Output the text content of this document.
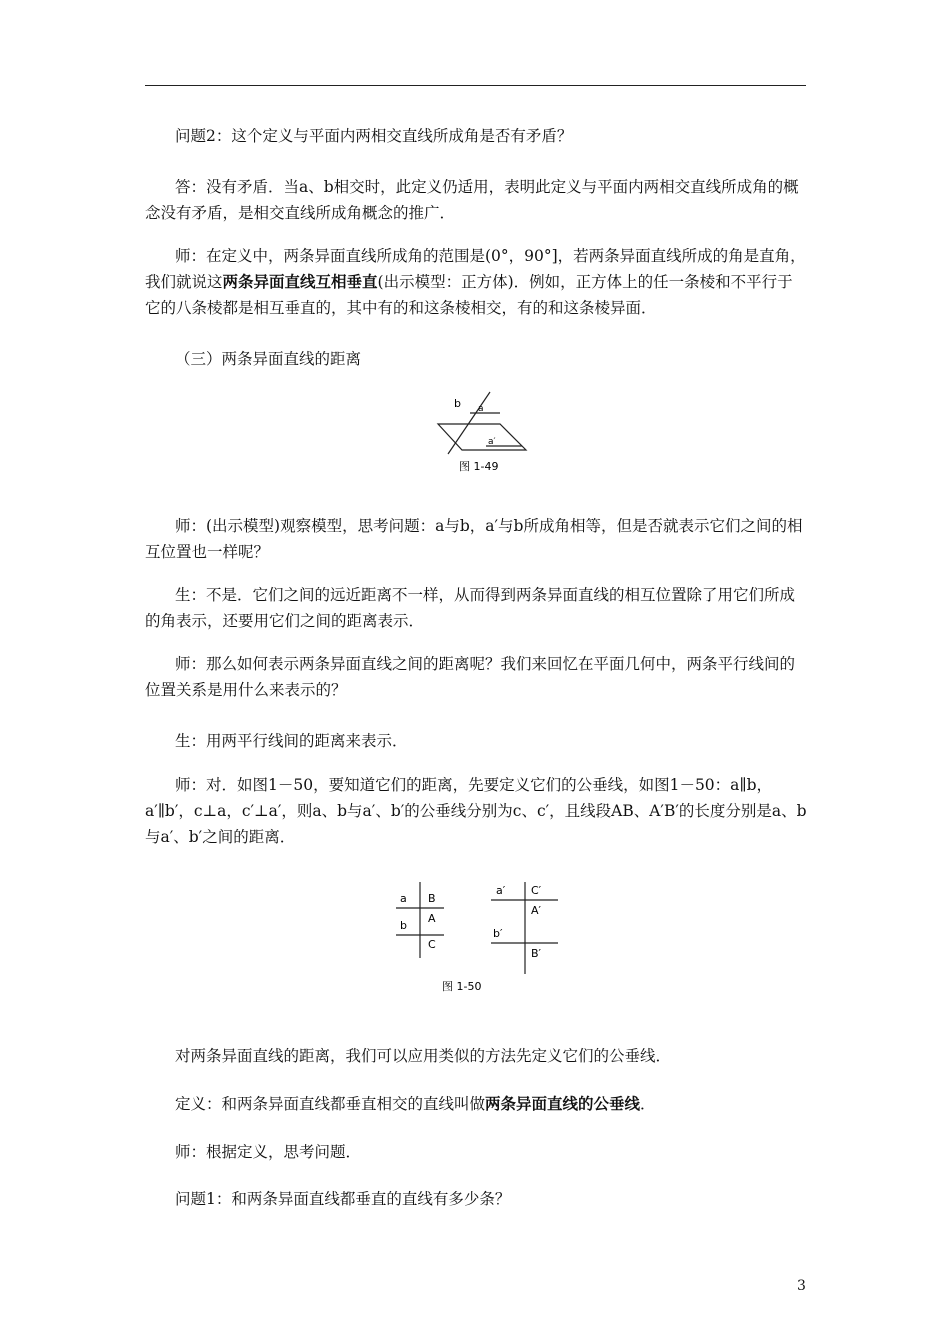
问题2：这个定义与平面内两相交直线所成角是否有矛盾？
答：没有矛盾．当a、b相交时，此定义仍适用，表明此定义与平面内两相交直线所成角的概念没有矛盾，是相交直线所成角概念的推广．
师：在定义中，两条异面直线所成角的范围是(0°，90°]，若两条异面直线所成的角是直角，我们就说这两条异面直线互相垂直(出示模型：正方体)．例如，正方体上的任一条棱和不平行于它的八条棱都是相互垂直的，其中有的和这条棱相交，有的和这条棱异面．
（三）两条异面直线的距离
b a
a′
图 1-49
师：(出示模型)观察模型，思考问题：a与b，a′与b所成角相等，但是否就表示它们之间的相互位置也一样呢？
生：不是．它们之间的远近距离不一样，从而得到两条异面直线的相互位置除了用它们所成的角表示，还要用它们之间的距离表示．
师：那么如何表示两条异面直线之间的距离呢？我们来回忆在平面几何中，两条平行线间的位置关系是用什么来表示的？
生：用两平行线间的距离来表示．
师：对．如图1－50，要知道它们的距离，先要定义它们的公垂线，如图1－50：a∥b，a′∥b′，c⊥a，c′⊥a′，则a、b与a′、b′的公垂线分别为c、c′，且线段AB、A′B′的长度分别是a、b与a′、b′之间的距离．
a B
A
b
C
a′ C′
A′
b′
B′
图 1-50
对两条异面直线的距离，我们可以应用类似的方法先定义它们的公垂线．
定义：和两条异面直线都垂直相交的直线叫做两条异面直线的公垂线．
师：根据定义，思考问题．
问题1：和两条异面直线都垂直的直线有多少条？
3
